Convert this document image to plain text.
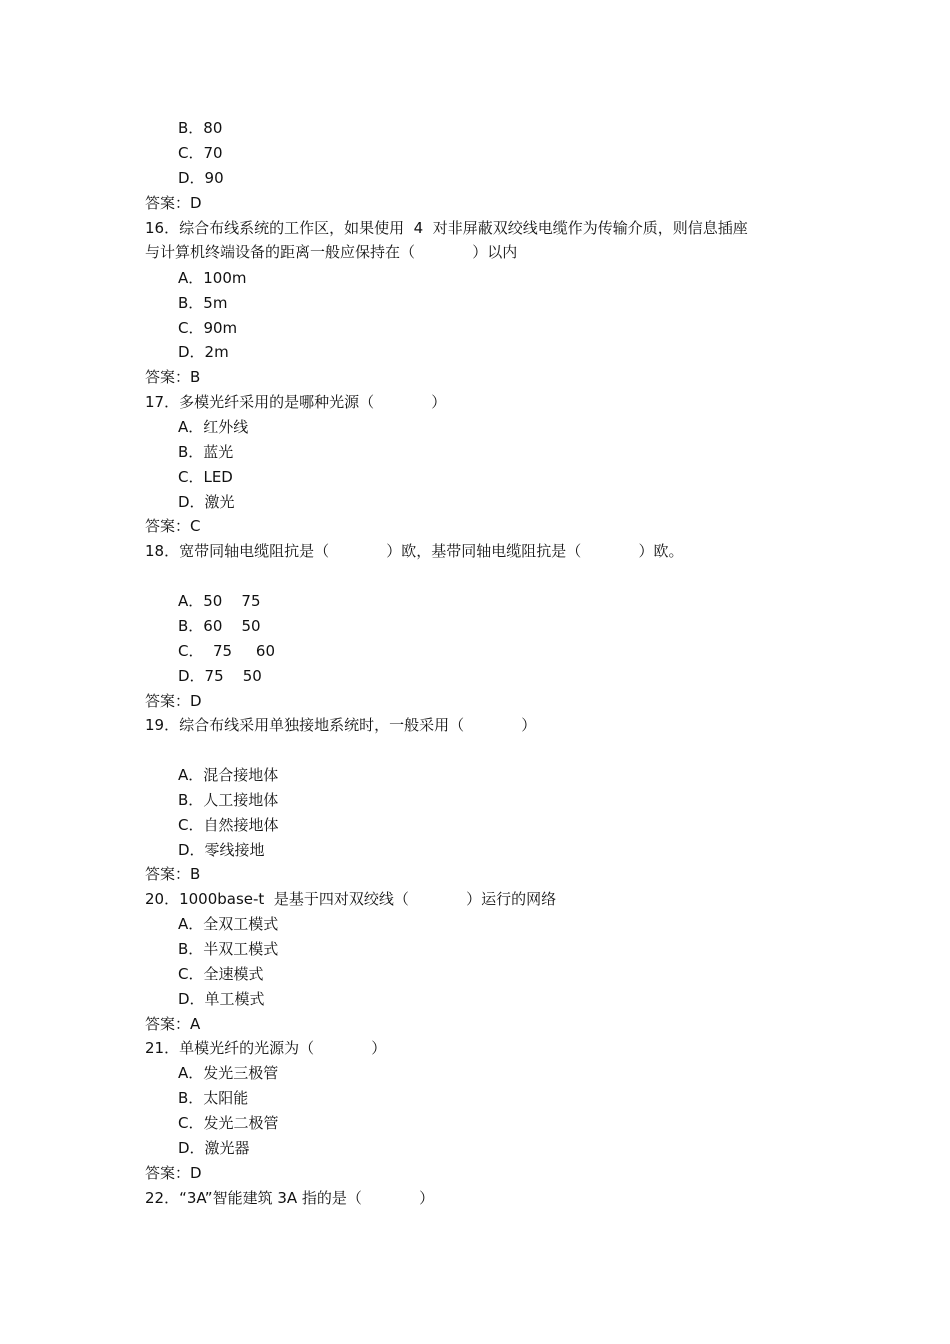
B．80
C．70
D．90
答案：D
16．综合布线系统的工作区，如果使用  4  对非屏蔽双绞线电缆作为传输介质，则信息插座
与计算机终端设备的距离一般应保持在（            ）以内
A．100m
B．5m
C．90m
D．2m
答案：B
17．多模光纤采用的是哪种光源（            ）
A．红外线
B．蓝光
C．LED
D．激光
答案：C
18．宽带同轴电缆阻抗是（            ）欧，基带同轴电缆阻抗是（            ）欧。
A．50    75
B．60    50
C．  75     60
D．75    50
答案：D
19．综合布线采用单独接地系统时，一般采用（            ）
A．混合接地体
B．人工接地体
C．自然接地体
D．零线接地
答案：B
20．1000base-t  是基于四对双绞线（            ）运行的网络
A．全双工模式
B．半双工模式
C．全速模式
D．单工模式
答案：A
21．单模光纤的光源为（            ）
A．发光三极管
B．太阳能
C．发光二极管
D．激光器
答案：D
22．“3A”智能建筑 3A 指的是（            ）
